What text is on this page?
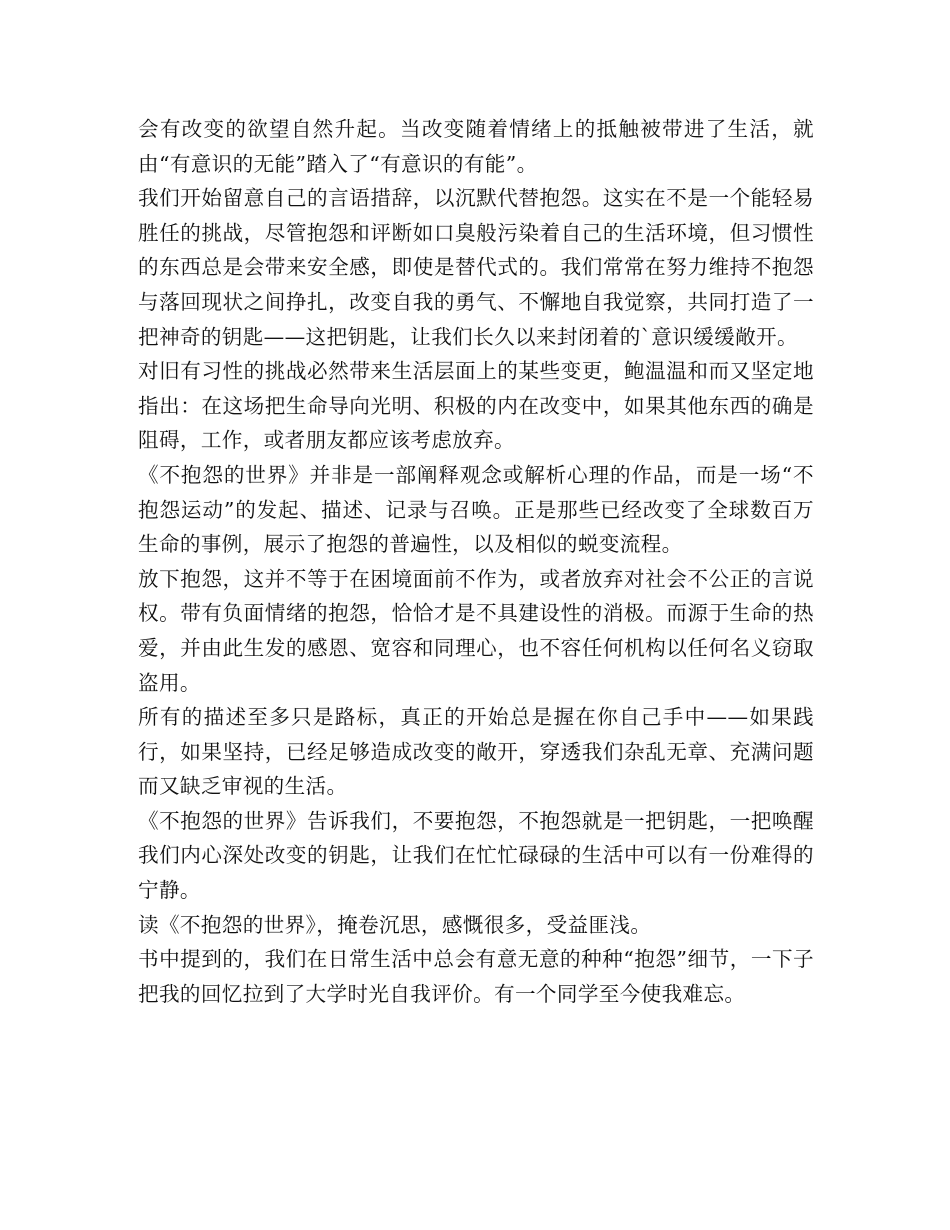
会有改变的欲望自然升起。当改变随着情绪上的抵触被带进了生活，就由“有意识的无能”踏入了“有意识的有能”。

我们开始留意自己的言语措辞，以沉默代替抱怨。这实在不是一个能轻易胜任的挑战，尽管抱怨和评断如口臭般污染着自己的生活环境，但习惯性的东西总是会带来安全感，即使是替代式的。我们常常在努力维持不抱怨与落回现状之间挣扎，改变自我的勇气、不懈地自我觉察，共同打造了一把神奇的钥匙——这把钥匙，让我们长久以来封闭着的`意识缓缓敞开。

对旧有习性的挑战必然带来生活层面上的某些变更，鲍温温和而又坚定地指出：在这场把生命导向光明、积极的内在改变中，如果其他东西的确是阻碍，工作，或者朋友都应该考虑放弃。

《不抱怨的世界》并非是一部阐释观念或解析心理的作品，而是一场“不抱怨运动”的发起、描述、记录与召唤。正是那些已经改变了全球数百万生命的事例，展示了抱怨的普遍性，以及相似的蜕变流程。

放下抱怨，这并不等于在困境面前不作为，或者放弃对社会不公正的言说权。带有负面情绪的抱怨，恰恰才是不具建设性的消极。而源于生命的热爱，并由此生发的感恩、宽容和同理心，也不容任何机构以任何名义窃取盗用。

所有的描述至多只是路标，真正的开始总是握在你自己手中——如果践行，如果坚持，已经足够造成改变的敞开，穿透我们杂乱无章、充满问题而又缺乏审视的生活。

《不抱怨的世界》告诉我们，不要抱怨，不抱怨就是一把钥匙，一把唤醒我们内心深处改变的钥匙，让我们在忙忙碌碌的生活中可以有一份难得的宁静。

读《不抱怨的世界》，掩卷沉思，感慨很多，受益匪浅。

书中提到的，我们在日常生活中总会有意无意的种种“抱怨”细节，一下子把我的回忆拉到了大学时光自我评价。有一个同学至今使我难忘。
